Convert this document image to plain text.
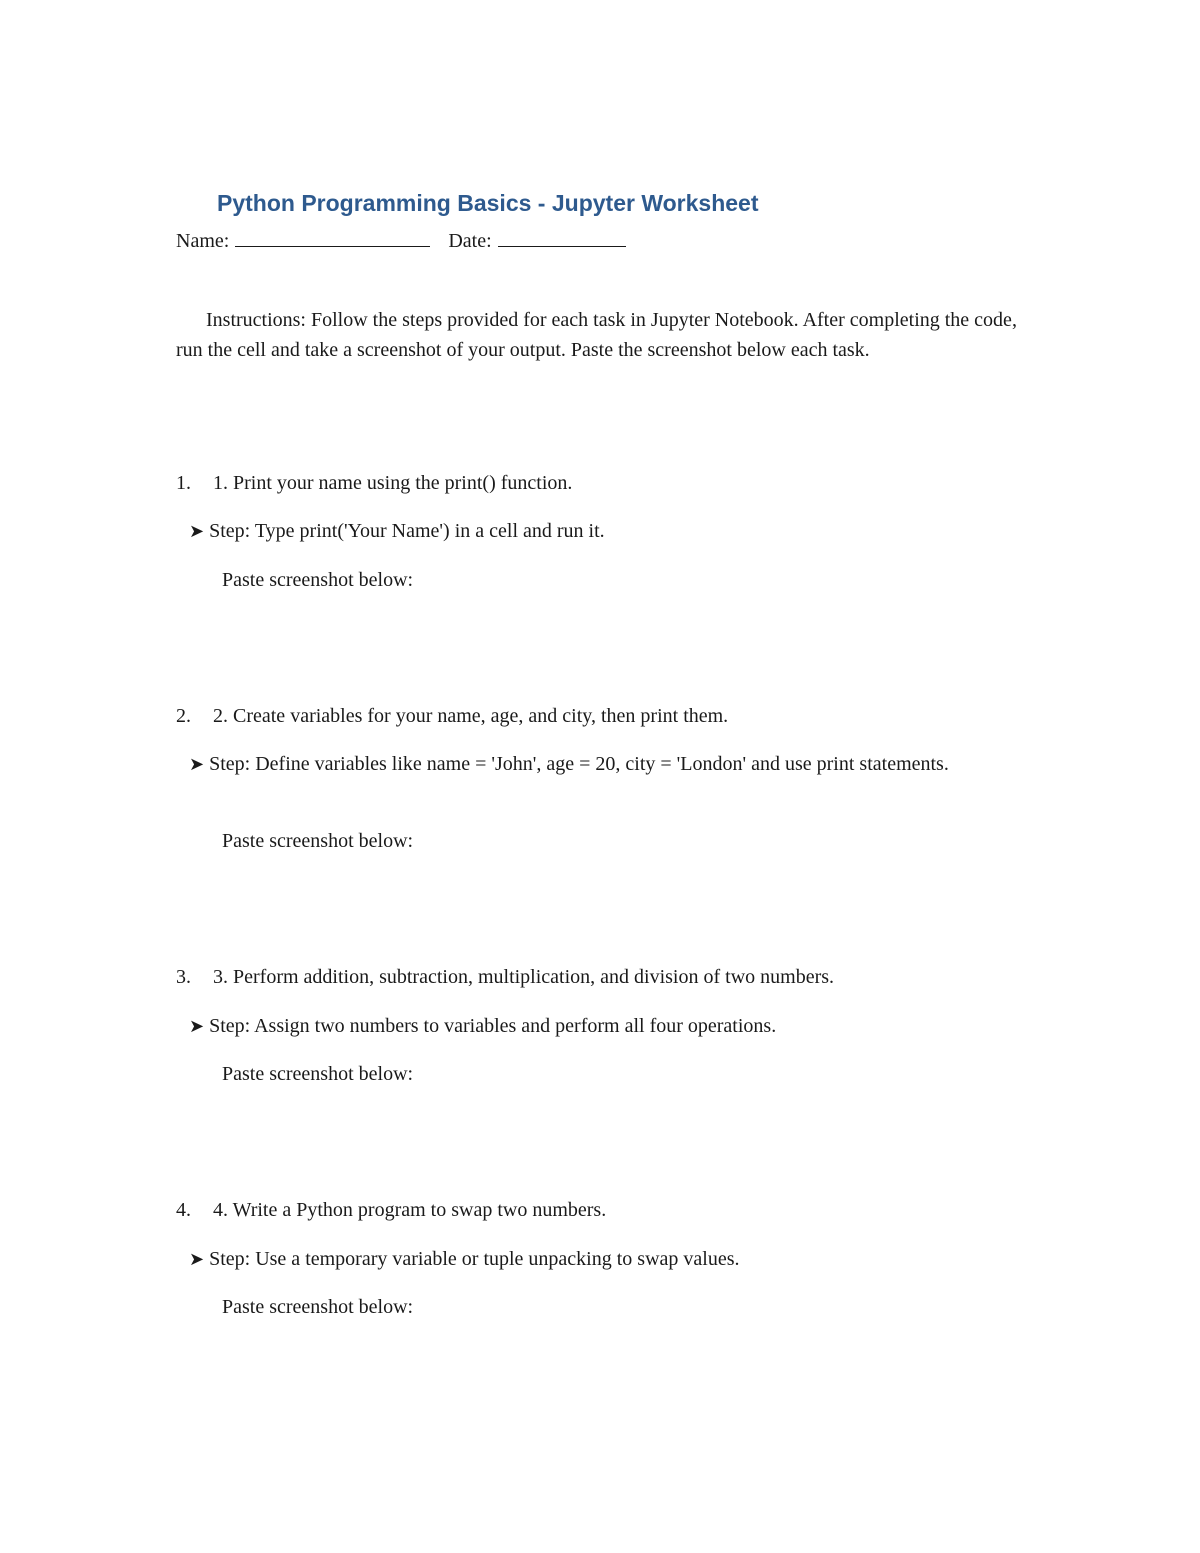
Python Programming Basics - Jupyter Worksheet
Name:	Date:
Instructions: Follow the steps provided for each task in Jupyter Notebook. After completing the code, run the cell and take a screenshot of your output. Paste the screenshot below each task.
1. 1. Print your name using the print() function.
➤ Step: Type print('Your Name') in a cell and run it.
Paste screenshot below:
2. 2. Create variables for your name, age, and city, then print them.
➤ Step: Define variables like name = 'John', age = 20, city = 'London' and use print statements.
Paste screenshot below:
3. 3. Perform addition, subtraction, multiplication, and division of two numbers.
➤ Step: Assign two numbers to variables and perform all four operations.
Paste screenshot below:
4. 4. Write a Python program to swap two numbers.
➤ Step: Use a temporary variable or tuple unpacking to swap values.
Paste screenshot below:
